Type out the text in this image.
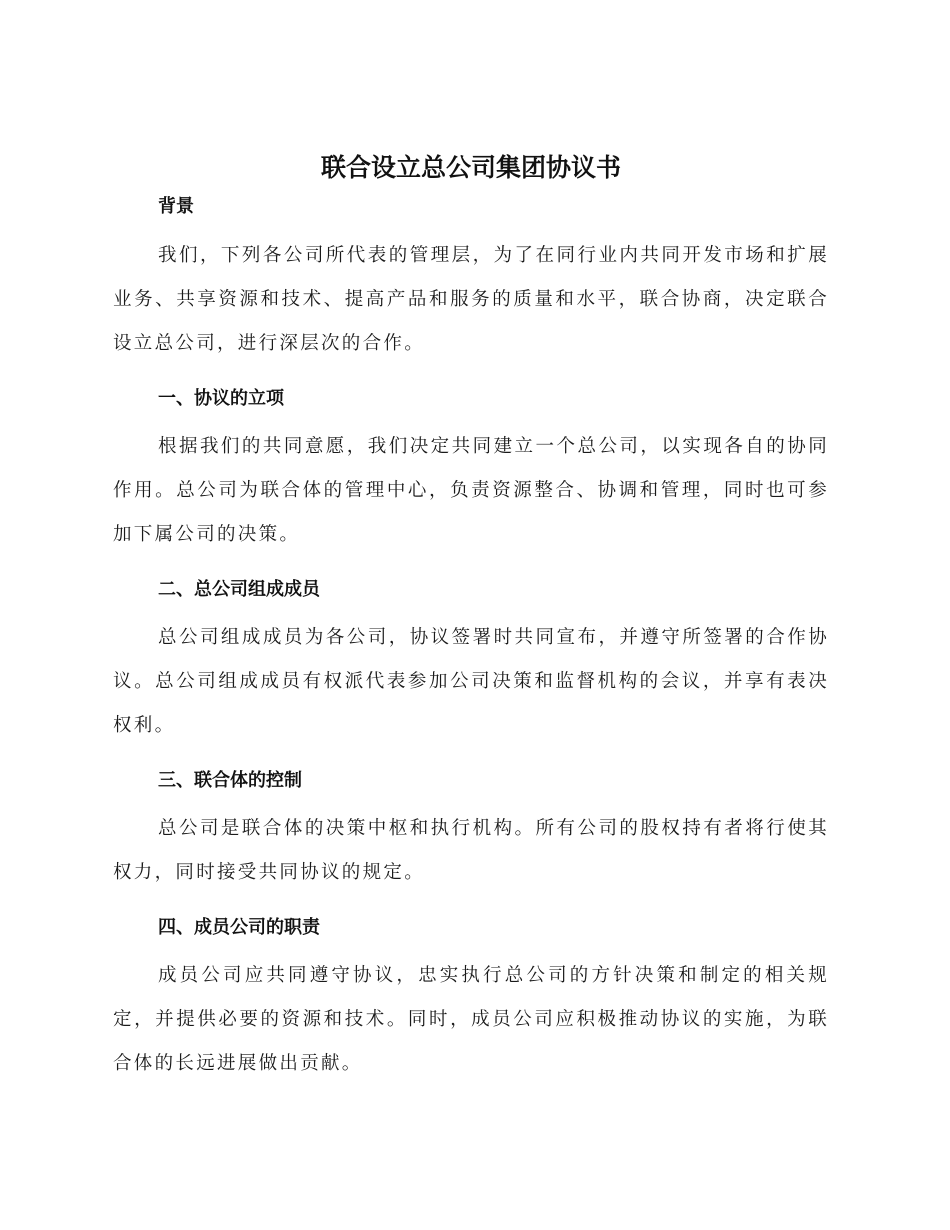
联合设立总公司集团协议书
背景

我们，下列各公司所代表的管理层，为了在同行业内共同开发市场和扩展业务、共享资源和技术、提高产品和服务的质量和水平，联合协商，决定联合设立总公司，进行深层次的合作。

一、协议的立项

根据我们的共同意愿，我们决定共同建立一个总公司，以实现各自的协同作用。总公司为联合体的管理中心，负责资源整合、协调和管理，同时也可参加下属公司的决策。

二、总公司组成成员

总公司组成成员为各公司，协议签署时共同宣布，并遵守所签署的合作协议。总公司组成成员有权派代表参加公司决策和监督机构的会议，并享有表决权利。

三、联合体的控制

总公司是联合体的决策中枢和执行机构。所有公司的股权持有者将行使其权力，同时接受共同协议的规定。

四、成员公司的职责

成员公司应共同遵守协议，忠实执行总公司的方针决策和制定的相关规定，并提供必要的资源和技术。同时，成员公司应积极推动协议的实施，为联合体的长远进展做出贡献。
